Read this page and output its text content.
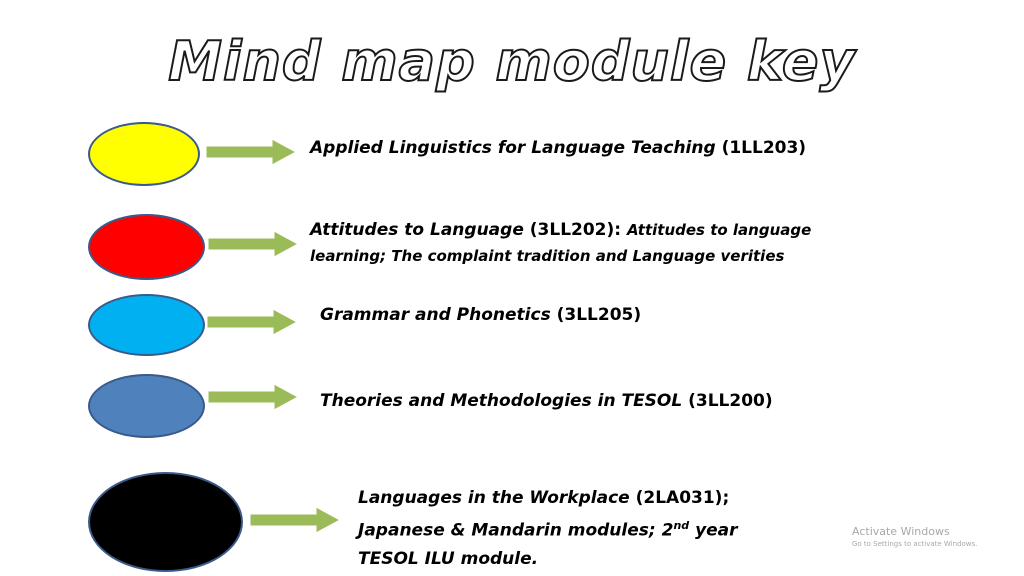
Mind map module key
Applied Linguistics for Language Teaching (1LL203)
Attitudes to Language (3LL202): Attitudes to language
learning; The complaint tradition and Language verities
Grammar and Phonetics (3LL205)
Theories and Methodologies in TESOL (3LL200)
Languages in the Workplace (2LA031);
Japanese & Mandarin modules; 2nd year
TESOL ILU module.
Activate Windows
Go to Settings to activate Windows.
